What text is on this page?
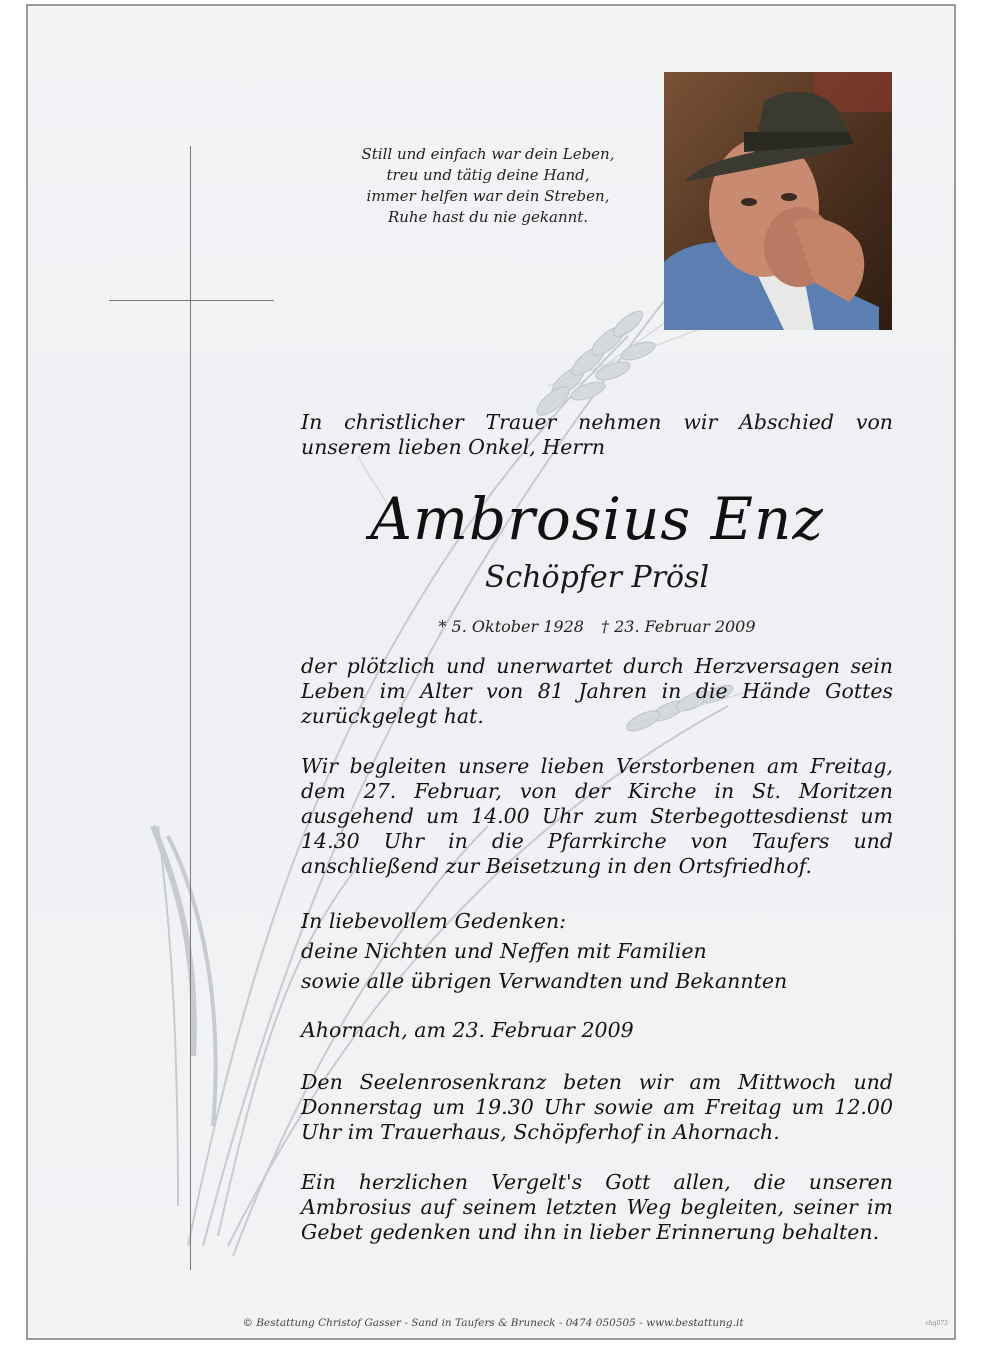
Still und einfach war dein Leben,
treu und tätig deine Hand,
immer helfen war dein Streben,
Ruhe hast du nie gekannt.
In christlicher Trauer nehmen wir Abschied von unserem lieben Onkel, Herrn
Ambrosius Enz
Schöpfer Prösl
* 5. Oktober 1928 † 23. Februar 2009
der plötzlich und unerwartet durch Herzversagen sein Leben im Alter von 81 Jahren in die Hände Gottes zurückgelegt hat.
Wir begleiten unsere lieben Verstorbenen am Freitag, dem 27. Februar, von der Kirche in St. Moritzen ausgehend um 14.00 Uhr zum Sterbegottesdienst um 14.30 Uhr in die Pfarrkirche von Taufers und anschließend zur Beisetzung in den Ortsfriedhof.
In liebevollem Gedenken:
deine Nichten und Neffen mit Familien
sowie alle übrigen Verwandten und Bekannten
Ahornach, am 23. Februar 2009
Den Seelenrosenkranz beten wir am Mittwoch und Donnerstag um 19.30 Uhr sowie am Freitag um 12.00 Uhr im Trauerhaus, Schöpferhof in Ahornach.
Ein herzlichen Vergelt's Gott allen, die unseren Ambrosius auf seinem letzten Weg begleiten, seiner im Gebet gedenken und ihn in lieber Erinnerung behalten.
© Bestattung Christof Gasser - Sand in Taufers & Bruneck - 0474 050505 - www.bestattung.it	chg073
